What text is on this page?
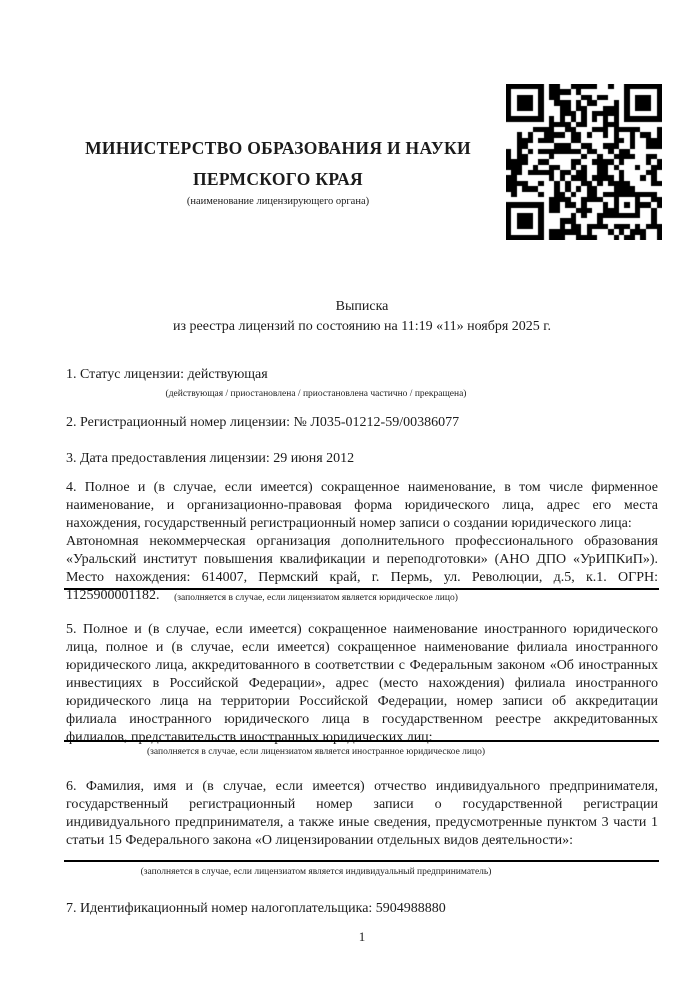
МИНИСТЕРСТВО ОБРАЗОВАНИЯ И НАУКИ
ПЕРМСКОГО КРАЯ
(наименование лицензирующего органа)
Выписка
из реестра лицензий по состоянию на 11:19 «11» ноября 2025 г.
1. Статус лицензии: действующая
(действующая / приостановлена / приостановлена частично / прекращена)
2. Регистрационный номер лицензии: № Л035-01212-59/00386077
3. Дата предоставления лицензии: 29 июня 2012

4. Полное и (в случае, если имеется) сокращенное наименование, в том числе фирменное наименование, и организационно-правовая форма юридического лица, адрес его места нахождения, государственный регистрационный номер записи о создании юридического лица:

Автономная некоммерческая организация дополнительного профессионального образования «Уральский институт повышения квалификации и переподготовки» (АНО ДПО «УрИПКиП»). Место нахождения: 614007, Пермский край, г. Пермь, ул. Революции, д.5, к.1. ОГРН: 1125900001182.	(заполняется в случае, если лицензиатом является юридическое лицо)

5. Полное и (в случае, если имеется) сокращенное наименование иностранного юридического лица, полное и (в случае, если имеется) сокращенное наименование филиала иностранного юридического лица, аккредитованного в соответствии с Федеральным законом «Об иностранных инвестициях в Российской Федерации», адрес (место нахождения) филиала иностранного юридического лица на территории Российской Федерации, номер записи об аккредитации филиала иностранного юридического лица в государственном реестре аккредитованных филиалов, представительств иностранных юридических лиц:

(заполняется в случае, если лицензиатом является иностранное юридическое лицо)

6. Фамилия, имя и (в случае, если имеется) отчество индивидуального предпринимателя, государственный регистрационный номер записи о государственной регистрации индивидуального предпринимателя, а также иные сведения, предусмотренные пунктом 3 части 1 статьи 15 Федерального закона «О лицензировании отдельных видов деятельности»:

(заполняется в случае, если лицензиатом является индивидуальный предприниматель)
7. Идентификационный номер налогоплательщика: 5904988880
1
